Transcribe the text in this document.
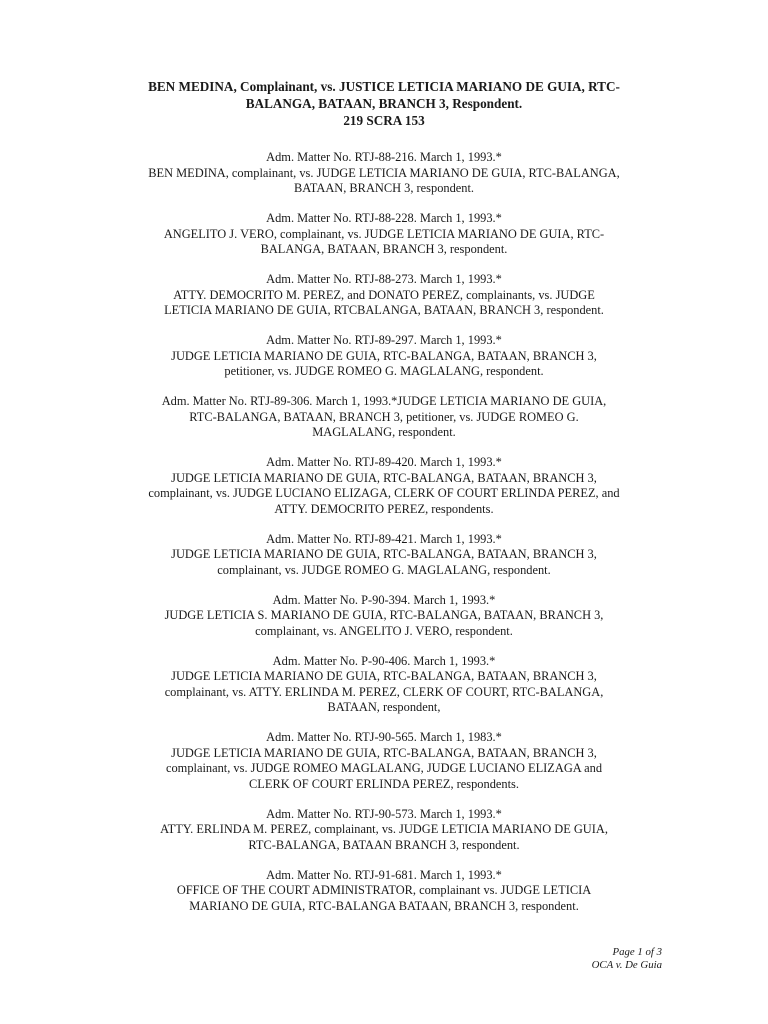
BEN MEDINA, Complainant, vs. JUSTICE LETICIA MARIANO DE GUIA, RTC-
BALANGA, BATAAN, BRANCH 3, Respondent.
219 SCRA 153

Adm. Matter No. RTJ-88-216. March 1, 1993.*

BEN MEDINA, complainant, vs. JUDGE LETICIA MARIANO DE GUIA, RTC-BALANGA,

BATAAN, BRANCH 3, respondent.

Adm. Matter No. RTJ-88-228. March 1, 1993.*

ANGELITO J. VERO, complainant, vs. JUDGE LETICIA MARIANO DE GUIA, RTC-

BALANGA, BATAAN, BRANCH 3, respondent.

Adm. Matter No. RTJ-88-273. March 1, 1993.*

ATTY. DEMOCRITO M. PEREZ, and DONATO PEREZ, complainants, vs. JUDGE

LETICIA MARIANO DE GUIA, RTCBALANGA, BATAAN, BRANCH 3, respondent.

Adm. Matter No. RTJ-89-297. March 1, 1993.*

JUDGE LETICIA MARIANO DE GUIA, RTC-BALANGA, BATAAN, BRANCH 3,

petitioner, vs. JUDGE ROMEO G. MAGLALANG, respondent.

Adm. Matter No. RTJ-89-306. March 1, 1993.*JUDGE LETICIA MARIANO DE GUIA,

RTC-BALANGA, BATAAN, BRANCH 3, petitioner, vs. JUDGE ROMEO G.

MAGLALANG, respondent.

Adm. Matter No. RTJ-89-420. March 1, 1993.*

JUDGE LETICIA MARIANO DE GUIA, RTC-BALANGA, BATAAN, BRANCH 3,

complainant, vs. JUDGE LUCIANO ELIZAGA, CLERK OF COURT ERLINDA PEREZ, and

ATTY. DEMOCRITO PEREZ, respondents.

Adm. Matter No. RTJ-89-421. March 1, 1993.*

JUDGE LETICIA MARIANO DE GUIA, RTC-BALANGA, BATAAN, BRANCH 3,

complainant, vs. JUDGE ROMEO G. MAGLALANG, respondent.

Adm. Matter No. P-90-394. March 1, 1993.*

JUDGE LETICIA S. MARIANO DE GUIA, RTC-BALANGA, BATAAN, BRANCH 3,

complainant, vs. ANGELITO J. VERO, respondent.

Adm. Matter No. P-90-406. March 1, 1993.*

JUDGE LETICIA MARIANO DE GUIA, RTC-BALANGA, BATAAN, BRANCH 3,

complainant, vs. ATTY. ERLINDA M. PEREZ, CLERK OF COURT, RTC-BALANGA,

BATAAN, respondent,

Adm. Matter No. RTJ-90-565. March 1, 1983.*

JUDGE LETICIA MARIANO DE GUIA, RTC-BALANGA, BATAAN, BRANCH 3,

complainant, vs. JUDGE ROMEO MAGLALANG, JUDGE LUCIANO ELIZAGA and

CLERK OF COURT ERLINDA PEREZ, respondents.

Adm. Matter No. RTJ-90-573. March 1, 1993.*

ATTY. ERLINDA M. PEREZ, complainant, vs. JUDGE LETICIA MARIANO DE GUIA,

RTC-BALANGA, BATAAN BRANCH 3, respondent.

Adm. Matter No. RTJ-91-681. March 1, 1993.*

OFFICE OF THE COURT ADMINISTRATOR, complainant vs. JUDGE LETICIA

MARIANO DE GUIA, RTC-BALANGA BATAAN, BRANCH 3, respondent.

Page 1 of 3
OCA v. De Guia
